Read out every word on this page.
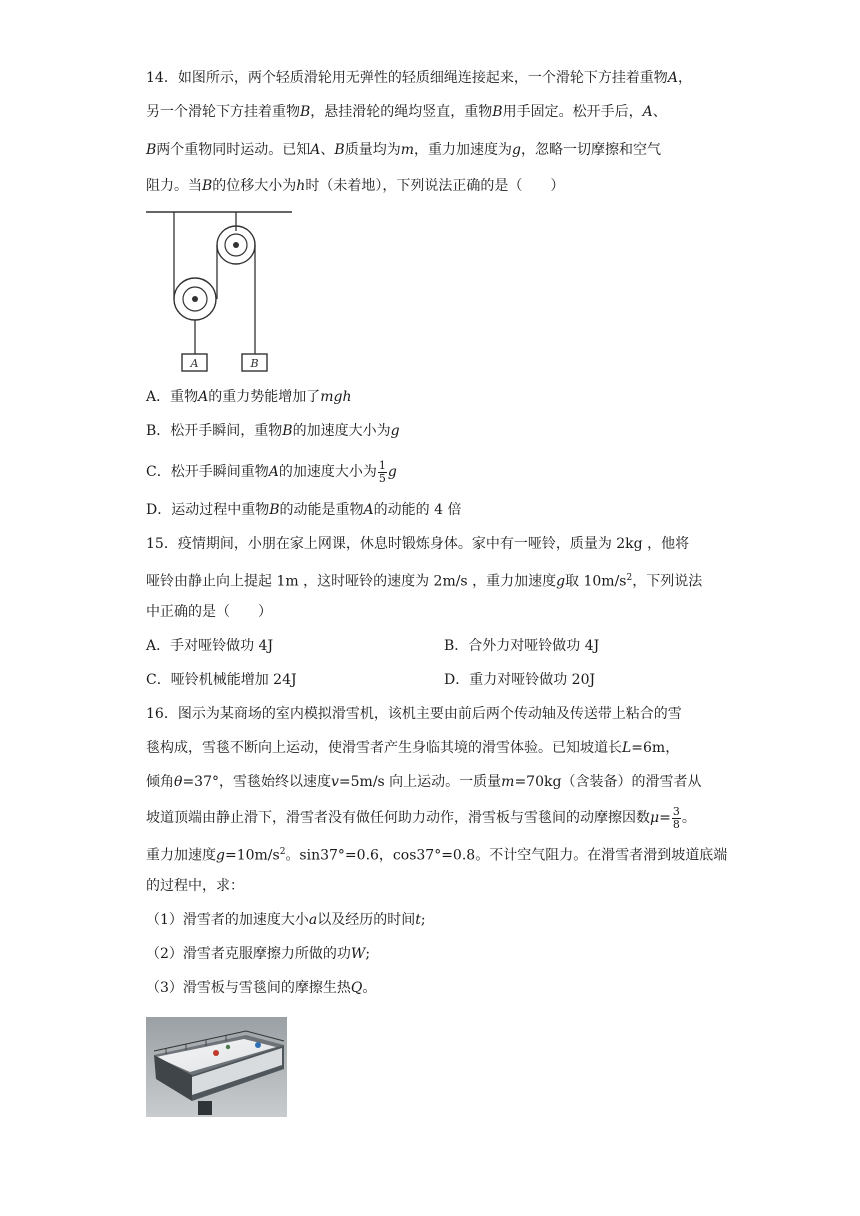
14．如图所示，两个轻质滑轮用无弹性的轻质细绳连接起来，一个滑轮下方挂着重物A，
另一个滑轮下方挂着重物B，悬挂滑轮的绳均竖直，重物B用手固定。松开手后，A、
B两个重物同时运动。已知A、B质量均为m，重力加速度为g，忽略一切摩擦和空气
阻力。当B的位移大小为h时（未着地），下列说法正确的是（　　）
A	B
A．重物A的重力势能增加了mgh
B．松开手瞬间，重物B的加速度大小为g
C．松开手瞬间重物A的加速度大小为 $\frac{1}{5}$ g
D．运动过程中重物B的动能是重物A的动能的 4 倍
15．疫情期间，小朋在家上网课，休息时锻炼身体。家中有一哑铃，质量为 2kg ，他将
哑铃由静止向上提起 1m ，这时哑铃的速度为 2m/s ，重力加速度g取 $10m/s^2$，下列说法
中正确的是（　　）
A．手对哑铃做功 4J	B．合外力对哑铃做功 4J
C．哑铃机械能增加 24J	D．重力对哑铃做功 20J
16．图示为某商场的室内模拟滑雪机，该机主要由前后两个传动轴及传送带上粘合的雪
毯构成，雪毯不断向上运动，使滑雪者产生身临其境的滑雪体验。已知坡道长L=6m，
倾角θ=37°，雪毯始终以速度v=5m/s 向上运动。一质量m=70kg（含装备）的滑雪者从
坡道顶端由静止滑下，滑雪者没有做任何助力动作，滑雪板与雪毯间的动摩擦因数$\mu= \frac{3}{8}$ 。
重力加速度$g=10m/s^2$。sin37°=0.6，cos37°=0.8。不计空气阻力。在滑雪者滑到坡道底端
的过程中，求：
（1）滑雪者的加速度大小a以及经历的时间t;
（2）滑雪者克服摩擦力所做的功W;
（3）滑雪板与雪毯间的摩擦生热Q。
